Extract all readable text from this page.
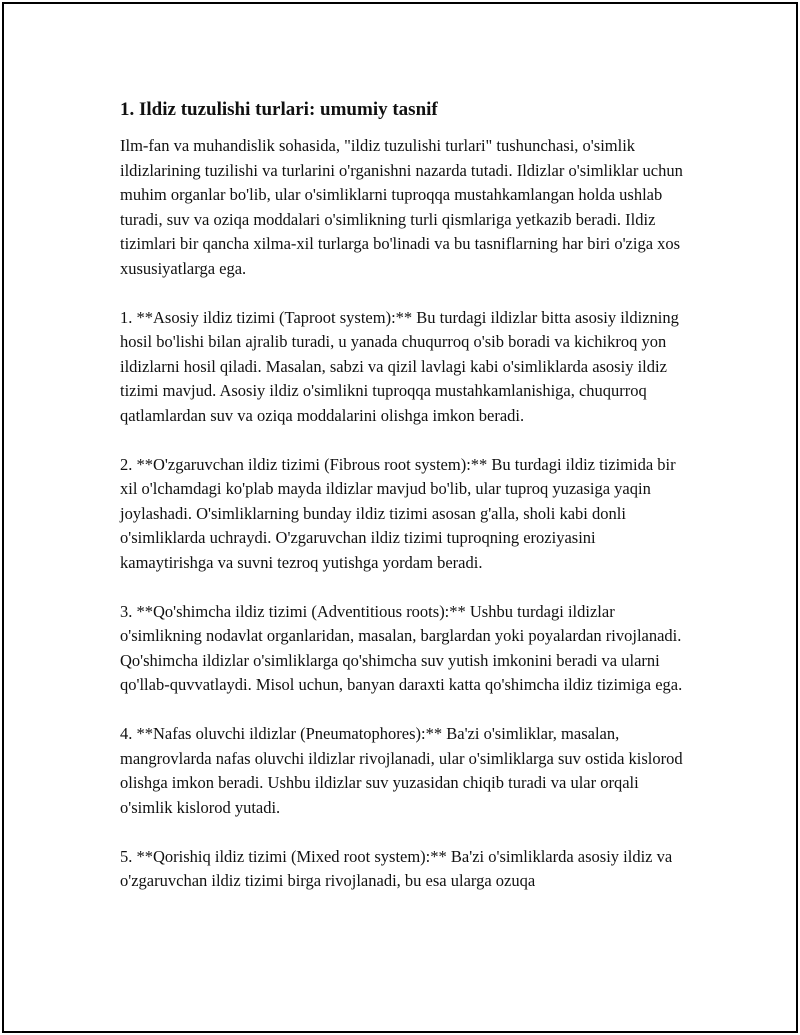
1. Ildiz tuzulishi turlari: umumiy tasnif

Ilm-fan va muhandislik sohasida, "ildiz tuzulishi turlari" tushunchasi, o'simlik ildizlarining tuzilishi va turlarini o'rganishni nazarda tutadi. Ildizlar o'simliklar uchun muhim organlar bo'lib, ular o'simliklarni tuproqqa mustahkamlangan holda ushlab turadi, suv va oziqa moddalari o'simlikning turli qismlariga yetkazib beradi. Ildiz tizimlari bir qancha xilma-xil turlarga bo'linadi va bu tasniflarning har biri o'ziga xos xususiyatlarga ega.

1. **Asosiy ildiz tizimi (Taproot system):** Bu turdagi ildizlar bitta asosiy ildizning hosil bo'lishi bilan ajralib turadi, u yanada chuqurroq o'sib boradi va kichikroq yon ildizlarni hosil qiladi. Masalan, sabzi va qizil lavlagi kabi o'simliklarda asosiy ildiz tizimi mavjud. Asosiy ildiz o'simlikni tuproqqa mustahkamlanishiga, chuqurroq qatlamlardan suv va oziqa moddalarini olishga imkon beradi.

2. **O'zgaruvchan ildiz tizimi (Fibrous root system):** Bu turdagi ildiz tizimida bir xil o'lchamdagi ko'plab mayda ildizlar mavjud bo'lib, ular tuproq yuzasiga yaqin joylashadi. O'simliklarning bunday ildiz tizimi asosan g'alla, sholi kabi donli o'simliklarda uchraydi. O'zgaruvchan ildiz tizimi tuproqning eroziyasini kamaytirishga va suvni tezroq yutishga yordam beradi.

3. **Qo'shimcha ildiz tizimi (Adventitious roots):** Ushbu turdagi ildizlar o'simlikning nodavlat organlaridan, masalan, barglardan yoki poyalardan rivojlanadi. Qo'shimcha ildizlar o'simliklarga qo'shimcha suv yutish imkonini beradi va ularni qo'llab-quvvatlaydi. Misol uchun, banyan daraxti katta qo'shimcha ildiz tizimiga ega.

4. **Nafas oluvchi ildizlar (Pneumatophores):** Ba'zi o'simliklar, masalan, mangrovlarda nafas oluvchi ildizlar rivojlanadi, ular o'simliklarga suv ostida kislorod olishga imkon beradi. Ushbu ildizlar suv yuzasidan chiqib turadi va ular orqali o'simlik kislorod yutadi.

5. **Qorishiq ildiz tizimi (Mixed root system):** Ba'zi o'simliklarda asosiy ildiz va o'zgaruvchan ildiz tizimi birga rivojlanadi, bu esa ularga ozuqa
